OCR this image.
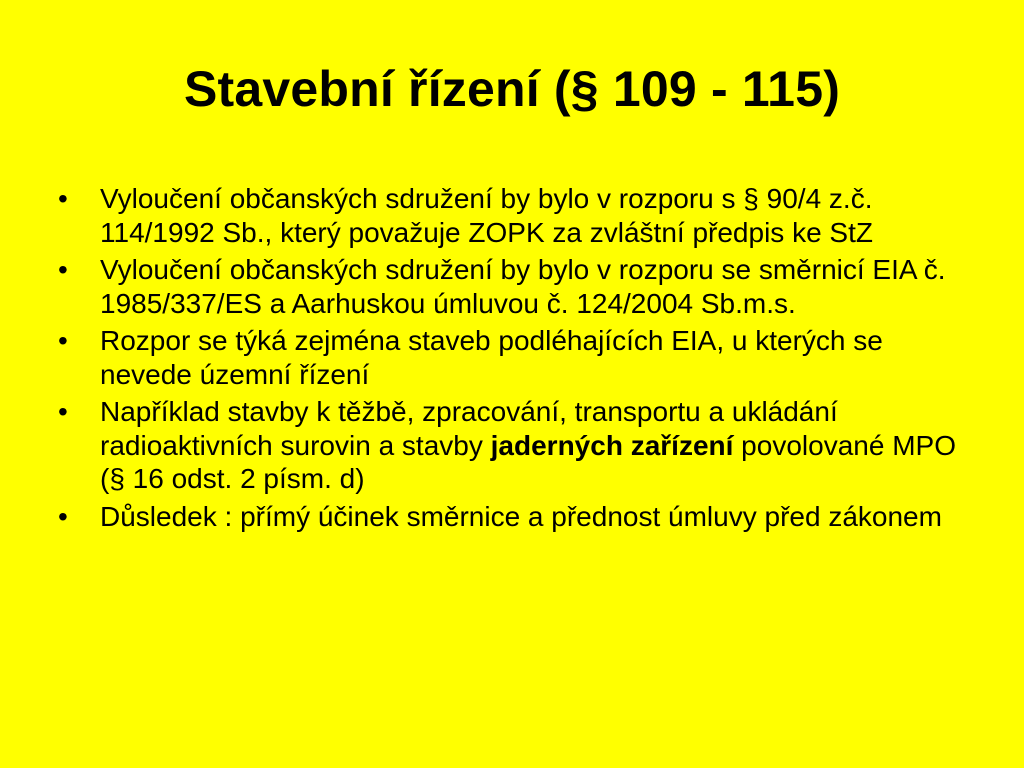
Stavební řízení (§ 109 - 115)
•	Vyloučení občanských sdružení by bylo v rozporu s § 90/4 z.č. 114/1992 Sb., který považuje ZOPK za zvláštní předpis ke StZ
•	Vyloučení občanských sdružení by bylo v rozporu se směrnicí EIA č. 1985/337/ES a Aarhuskou úmluvou č. 124/2004 Sb.m.s.
•	Rozpor se týká zejména staveb podléhajících EIA, u kterých se nevede územní řízení
•	Například stavby k těžbě, zpracování, transportu a ukládání radioaktivních surovin a stavby jaderných zařízení povolované MPO (§ 16 odst. 2 písm. d)
•	Důsledek : přímý účinek směrnice a přednost úmluvy před zákonem
